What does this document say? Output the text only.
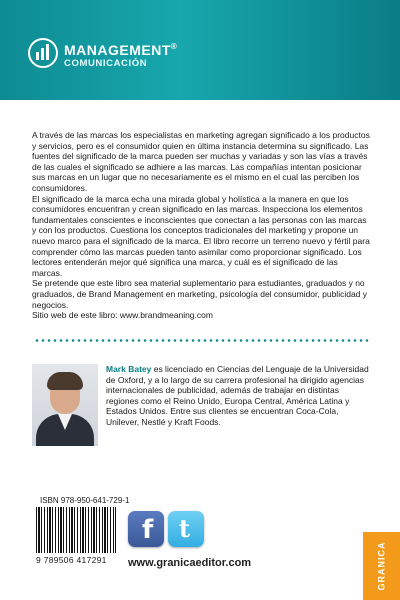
MANAGEMENT®
COMUNICACIÓN

A través de las marcas los especialistas en marketing agregan significado a los productos y servicios, pero es el consumidor quien en última instancia determina su significado. Las fuentes del significado de la marca pueden ser muchas y variadas y son las vías a través de las cuales el significado se adhiere a las marcas. Las compañías intentan posicionar sus marcas en un lugar que no necesariamente es el mismo en el cual las perciben los consumidores.

El significado de la marca echa una mirada global y holística a la manera en que los consumidores encuentran y crean significado en las marcas. Inspecciona los elementos fundamentales conscientes e inconscientes que conectan a las personas con las marcas y con los productos. Cuestiona los conceptos tradicionales del marketing y propone un nuevo marco para el significado de la marca. El libro recorre un terreno nuevo y fértil para comprender cómo las marcas pueden tanto asimilar como proporcionar significado. Los lectores entenderán mejor qué significa una marca, y cuál es el significado de las marcas.

Se pretende que este libro sea material suplementario para estudiantes, graduados y no graduados, de Brand Management en marketing, psicología del consumidor, publicidad y negocios.

Sitio web de este libro: www.brandmeaning.com

Mark Batey es licenciado en Ciencias del Lenguaje de la Universidad de Oxford, y a lo largo de su carrera profesional ha dirigido agencias internacionales de publicidad, además de trabajar en distintas regiones como el Reino Unido, Europa Central, América Latina y Estados Unidos. Entre sus clientes se encuentran Coca-Cola, Unilever, Nestlé y Kraft Foods.
ISBN 978-950-641-729-1
9 789506 417291
f t
www.granicaeditor.com	GRANICA
